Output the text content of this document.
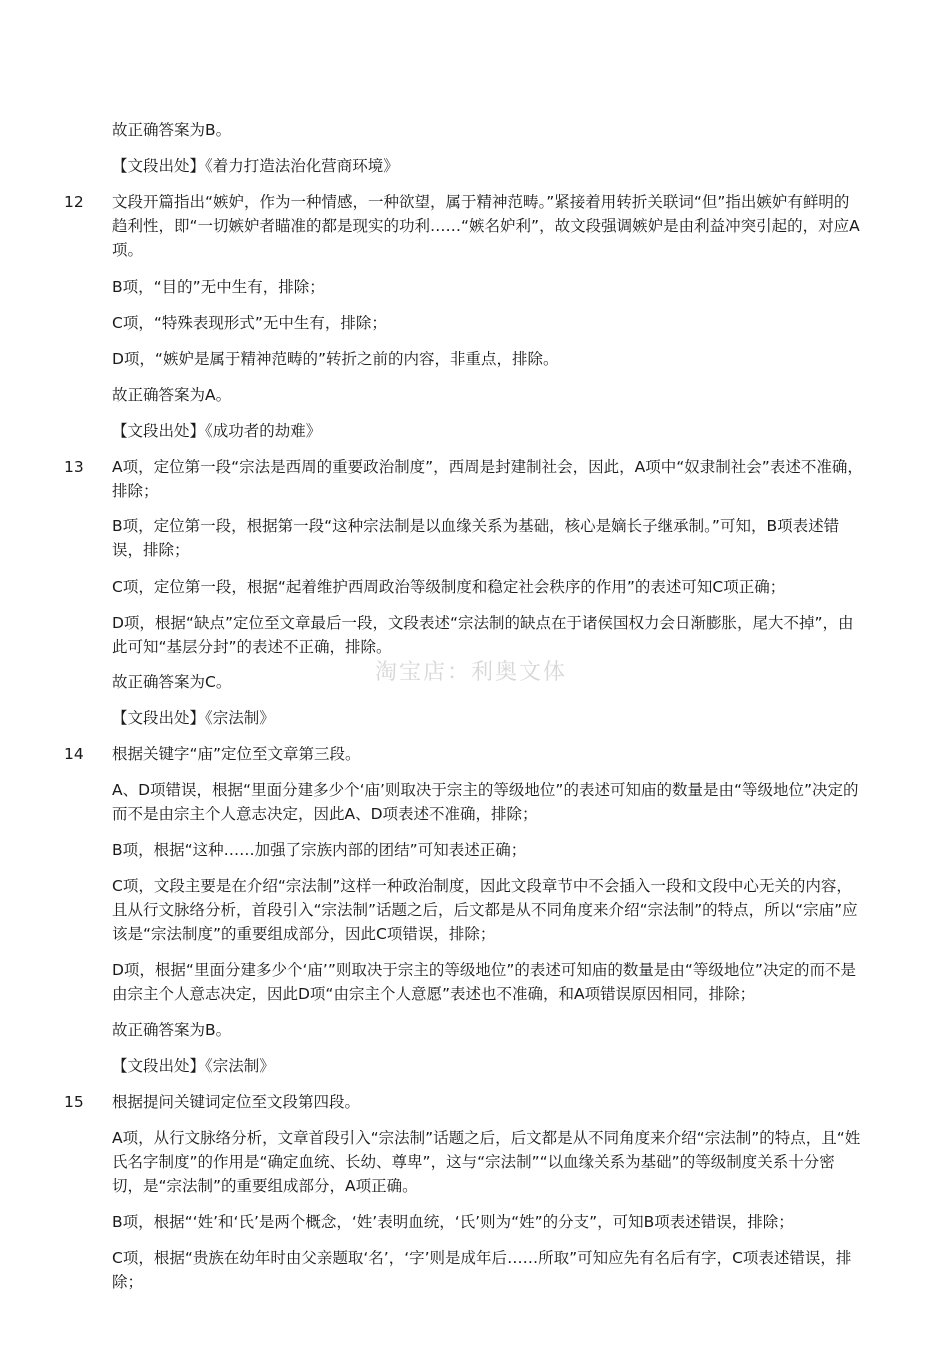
故正确答案为B。

【文段出处】《着力打造法治化营商环境》

12 文段开篇指出“嫉妒，作为一种情感，一种欲望，属于精神范畴。”紧接着用转折关联词“但”指出嫉妒有鲜明的趋利性，即“一切嫉妒者瞄准的都是现实的功利……“嫉名妒利”，故文段强调嫉妒是由利益冲突引起的，对应A项。

B项，“目的”无中生有，排除；

C项，“特殊表现形式”无中生有，排除；

D项，“嫉妒是属于精神范畴的”转折之前的内容，非重点，排除。

故正确答案为A。

【文段出处】《成功者的劫难》

13 A项，定位第一段“宗法是西周的重要政治制度”，西周是封建制社会，因此，A项中“奴隶制社会”表述不准确，排除；

B项，定位第一段，根据第一段“这种宗法制是以血缘关系为基础，核心是嫡长子继承制。”可知，B项表述错误，排除；

C项，定位第一段，根据“起着维护西周政治等级制度和稳定社会秩序的作用”的表述可知C项正确；

D项，根据“缺点”定位至文章最后一段，文段表述“宗法制的缺点在于诸侯国权力会日渐膨胀，尾大不掉”，由此可知“基层分封”的表述不正确，排除。

故正确答案为C。	淘宝店：利奥文体

【文段出处】《宗法制》

14 根据关键字“庙”定位至文章第三段。

A、D项错误，根据“里面分建多少个‘庙’则取决于宗主的等级地位”的表述可知庙的数量是由“等级地位”决定的而不是由宗主个人意志决定，因此A、D项表述不准确，排除；

B项，根据“这种……加强了宗族内部的团结”可知表述正确；

C项，文段主要是在介绍“宗法制”这样一种政治制度，因此文段章节中不会插入一段和文段中心无关的内容，且从行文脉络分析，首段引入“宗法制”话题之后，后文都是从不同角度来介绍“宗法制”的特点，所以“宗庙”应该是“宗法制度”的重要组成部分，因此C项错误，排除；

D项，根据“里面分建多少个‘庙’”则取决于宗主的等级地位”的表述可知庙的数量是由“等级地位”决定的而不是由宗主个人意志决定，因此D项“由宗主个人意愿”表述也不准确，和A项错误原因相同，排除；

故正确答案为B。

【文段出处】《宗法制》

15 根据提问关键词定位至文段第四段。

A项，从行文脉络分析，文章首段引入“宗法制”话题之后，后文都是从不同角度来介绍“宗法制”的特点，且“姓氏名字制度”的作用是“确定血统、长幼、尊卑”，这与“宗法制”“以血缘关系为基础”的等级制度关系十分密切，是“宗法制”的重要组成部分，A项正确。

B项，根据“‘姓’和‘氏’是两个概念，‘姓’表明血统，‘氏’则为“姓”的分支”，可知B项表述错误，排除；

C项，根据“贵族在幼年时由父亲题取‘名’，‘字’则是成年后……所取”可知应先有名后有字，C项表述错误，排除；
